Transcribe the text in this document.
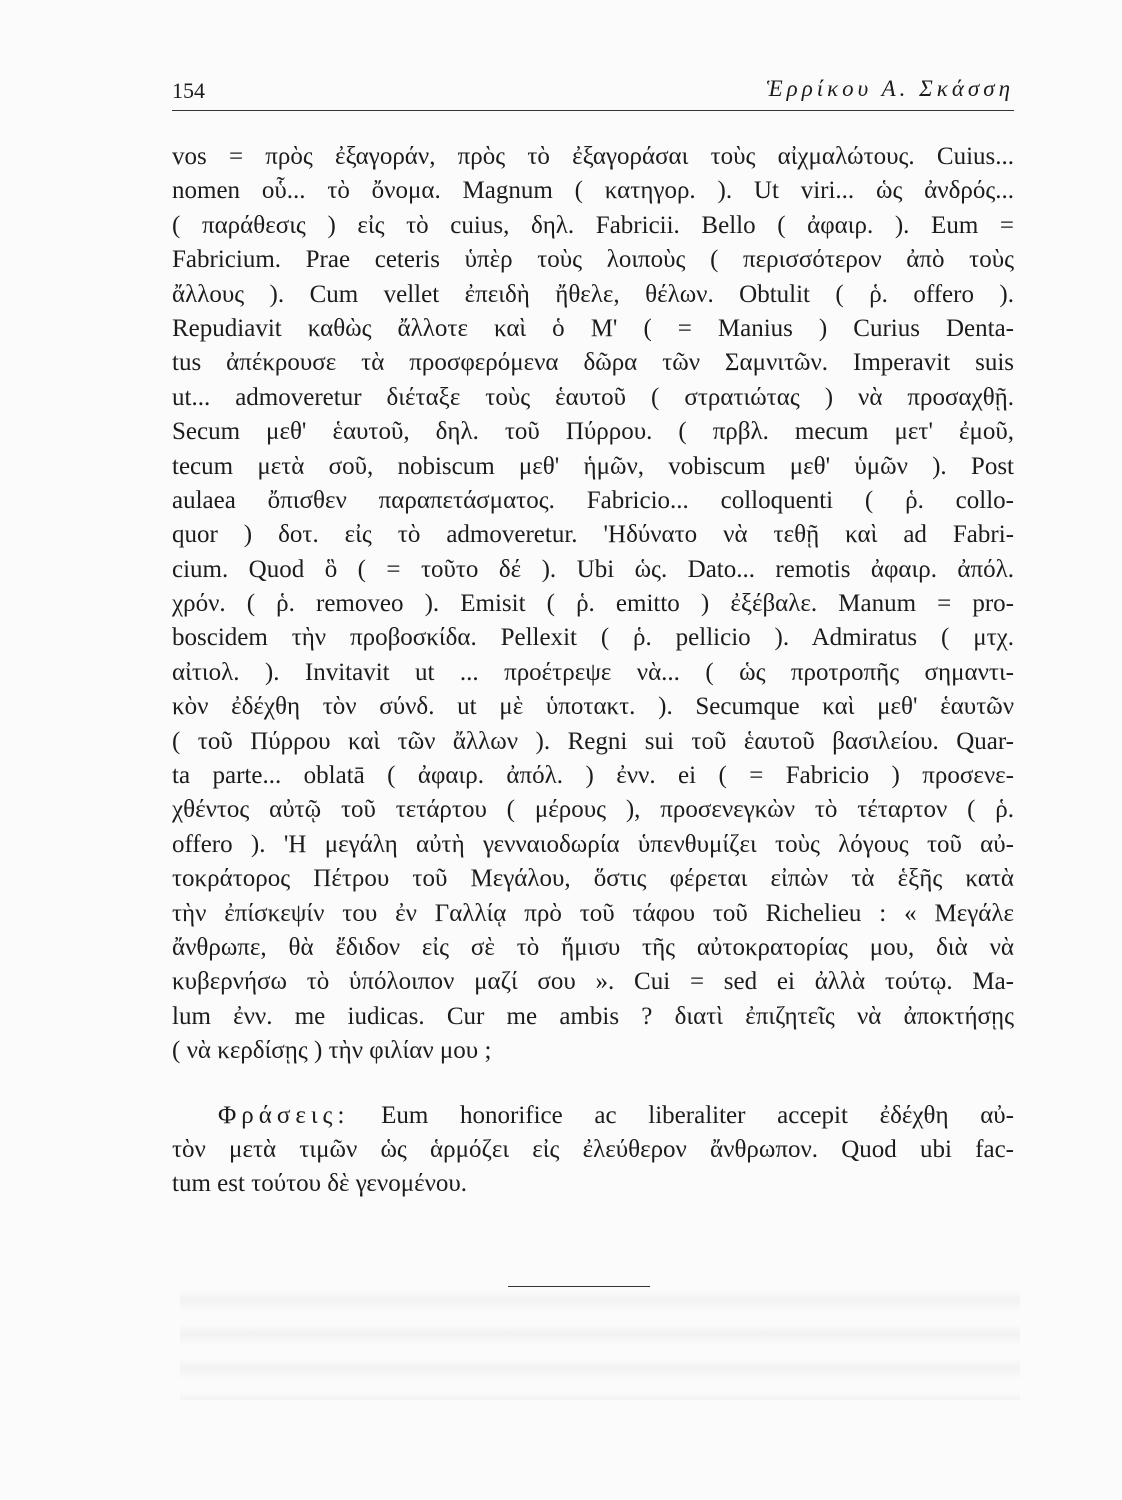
154	Ἑρρίκου Α. Σκάσση
vos = πρὸς ἐξαγοράν, πρὸς τὸ ἐξαγοράσαι τοὺς αἰχμαλώτους. Cuius...
nomen οὗ... τὸ ὄνομα. Magnum ( κατηγορ. ). Ut viri... ὡς ἀνδρός...
( παράθεσις ) εἰς τὸ cuius, δηλ. Fabricii. Bello ( ἀφαιρ. ). Eum =
Fabricium. Prae ceteris ὑπὲρ τοὺς λοιποὺς ( περισσότερον ἀπὸ τοὺς
ἄλλους ). Cum vellet ἐπειδὴ ἤθελε, θέλων. Obtulit ( ῥ. offero ).
Repudiavit καθὼς ἄλλοτε καὶ ὁ Μ' ( = Manius ) Curius Denta-
tus ἀπέκρουσε τὰ προσφερόμενα δῶρα τῶν Σαμνιτῶν. Imperavit suis
ut... admoveretur διέταξε τοὺς ἑαυτοῦ ( στρατιώτας ) νὰ προσαχθῇ.
Secum μεθ' ἑαυτοῦ, δηλ. τοῦ Πύρρου. ( πρβλ. mecum μετ' ἐμοῦ,
tecum μετὰ σοῦ, nobiscum μεθ' ἡμῶν, vobiscum μεθ' ὑμῶν ). Post
aulaea ὄπισθεν παραπετάσματος. Fabricio... colloquenti ( ῥ. collo-
quor ) δοτ. εἰς τὸ admoveretur. 'Ηδύνατο νὰ τεθῇ καὶ ad Fabri-
cium. Quod ὃ ( = τοῦτο δέ ). Ubi ὡς. Dato... remotis ἀφαιρ. ἀπόλ.
χρόν. ( ῥ. removeo ). Emisit ( ῥ. emitto ) ἐξέβαλε. Manum = pro-
boscidem τὴν προβοσκίδα. Pellexit ( ῥ. pellicio ). Admiratus ( μτχ.
αἰτιολ. ). Invitavit ut ... προέτρεψε νὰ... ( ὡς προτροπῆς σημαντι-
κὸν ἐδέχθη τὸν σύνδ. ut μὲ ὑποτακτ. ). Secumque καὶ μεθ' ἑαυτῶν
( τοῦ Πύρρου καὶ τῶν ἄλλων ). Regni sui τοῦ ἑαυτοῦ βασιλείου. Quar-
ta parte... oblatā ( ἀφαιρ. ἀπόλ. ) ἐνν. ei ( = Fabricio ) προσενε-
χθέντος αὐτῷ τοῦ τετάρτου ( μέρους ), προσενεγκὼν τὸ τέταρτον ( ῥ.
offero ). 'Η μεγάλη αὐτὴ γενναιοδωρία ὑπενθυμίζει τοὺς λόγους τοῦ αὐ-
τοκράτορος Πέτρου τοῦ Μεγάλου, ὅστις φέρεται εἰπὼν τὰ ἑξῆς κατὰ
τὴν ἐπίσκεψίν του ἐν Γαλλίᾳ πρὸ τοῦ τάφου τοῦ Richelieu : « Μεγάλε
ἄνθρωπε, θὰ ἔδιδον εἰς σὲ τὸ ἥμισυ τῆς αὐτοκρατορίας μου, διὰ νὰ
κυβερνήσω τὸ ὑπόλοιπον μαζί σου ». Cui = sed ei ἀλλὰ τούτῳ. Ma-
lum ἐνν. me iudicas. Cur me ambis ? διατὶ ἐπιζητεῖς νὰ ἀποκτήσῃς
( νὰ κερδίσῃς ) τὴν φιλίαν μου ;
Φράσεις: Eum honorifice ac liberaliter accepit ἐδέχθη αὐ-
τὸν μετὰ τιμῶν ὡς ἁρμόζει εἰς ἐλεύθερον ἄνθρωπον. Quod ubi fac-
tum est τούτου δὲ γενομένου.
